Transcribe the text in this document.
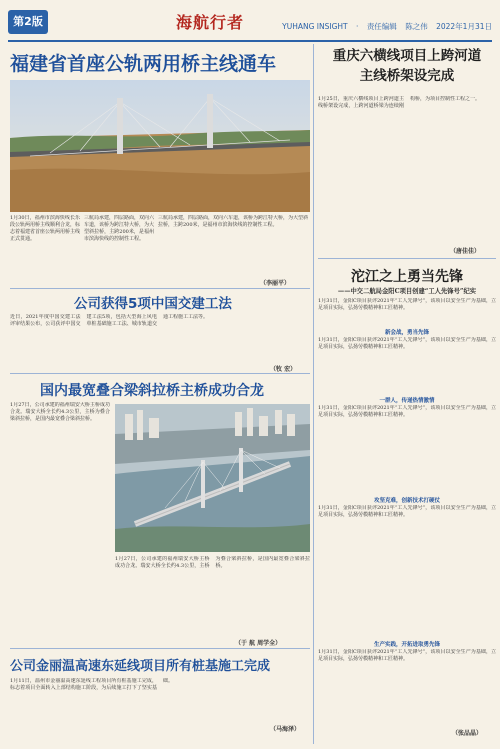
第2版	海航行者	YUHANG INSIGHT · 责任编辑 陈之伟 2022年1月31日
福建省首座公轨两用桥主线通车
1月30日，福州市滨海快线长乐段公轨两用桥主线顺利合龙，标志着福建省首座公轨两用桥主线正式贯通。
三航局承建，四层路面，双向六车道，该桥为跨江特大桥，为大型斜拉桥，主跨200米，是福州市滨海快线的控制性工程。
三航局承建，四层路面，双向六车道，该桥为跨江特大桥，为大型斜拉桥，主跨200米，是福州市滨海快线的控制性工程。
（李丽平）
公司获得5项中国交建工法
近日，2021年度中国交建工法评审结果公布，公司获评中国交建工法5项，包括大型海上风电单桩基础施工工法、城市轨道交通工程施工工法等。
（牧 宏）
国内最宽叠合梁斜拉桥主桥成功合龙
1月27日，公司承建的福州瑞安大桥主桥成功合龙。瑞安大桥全长约4.3公里，主桥为叠合梁斜拉桥，是国内最宽叠合梁斜拉桥。
1月27日，公司承建的福州瑞安大桥主桥成功合龙。瑞安大桥全长约4.3公里，主桥为叠合梁斜拉桥，是国内最宽叠合梁斜拉桥。
（于 航 周学全）
公司金丽温高速东延线项目所有桩基施工完成
1月11日，温州市金丽温高速东延线工程项目所有桩基施工完成，标志着项目全面转入上部结构施工阶段，为后续施工打下了坚实基础。
（马海泽）
重庆六横线项目上跨河道
主线桥架设完成
1月25日，重庆六横线项目上跨河道主线桥架设完成，上跨河道桥梁为连续刚构桥，为项目控制性工程之一。
（唐佳佳）
沱江之上勇当先锋
——中交二航局金阳C项目创建“工人先锋号”纪实
1月31日，金阳C项目获评2021年“工人先锋号”，该项目以安全生产为基础，立足项目实际，弘扬劳模精神和工匠精神。
新会战，勇当先锋
1月31日，金阳C项目获评2021年“工人先锋号”，该项目以安全生产为基础，立足项目实际，弘扬劳模精神和工匠精神。
一群人，传递热情激情
1月31日，金阳C项目获评2021年“工人先锋号”，该项目以安全生产为基础，立足项目实际，弘扬劳模精神和工匠精神。
攻坚克难，创新技术打硬仗
1月31日，金阳C项目获评2021年“工人先锋号”，该项目以安全生产为基础，立足项目实际，弘扬劳模精神和工匠精神。
生产实践，开拓进取勇先锋
1月31日，金阳C项目获评2021年“工人先锋号”，该项目以安全生产为基础，立足项目实际，弘扬劳模精神和工匠精神。
（张品晶）
